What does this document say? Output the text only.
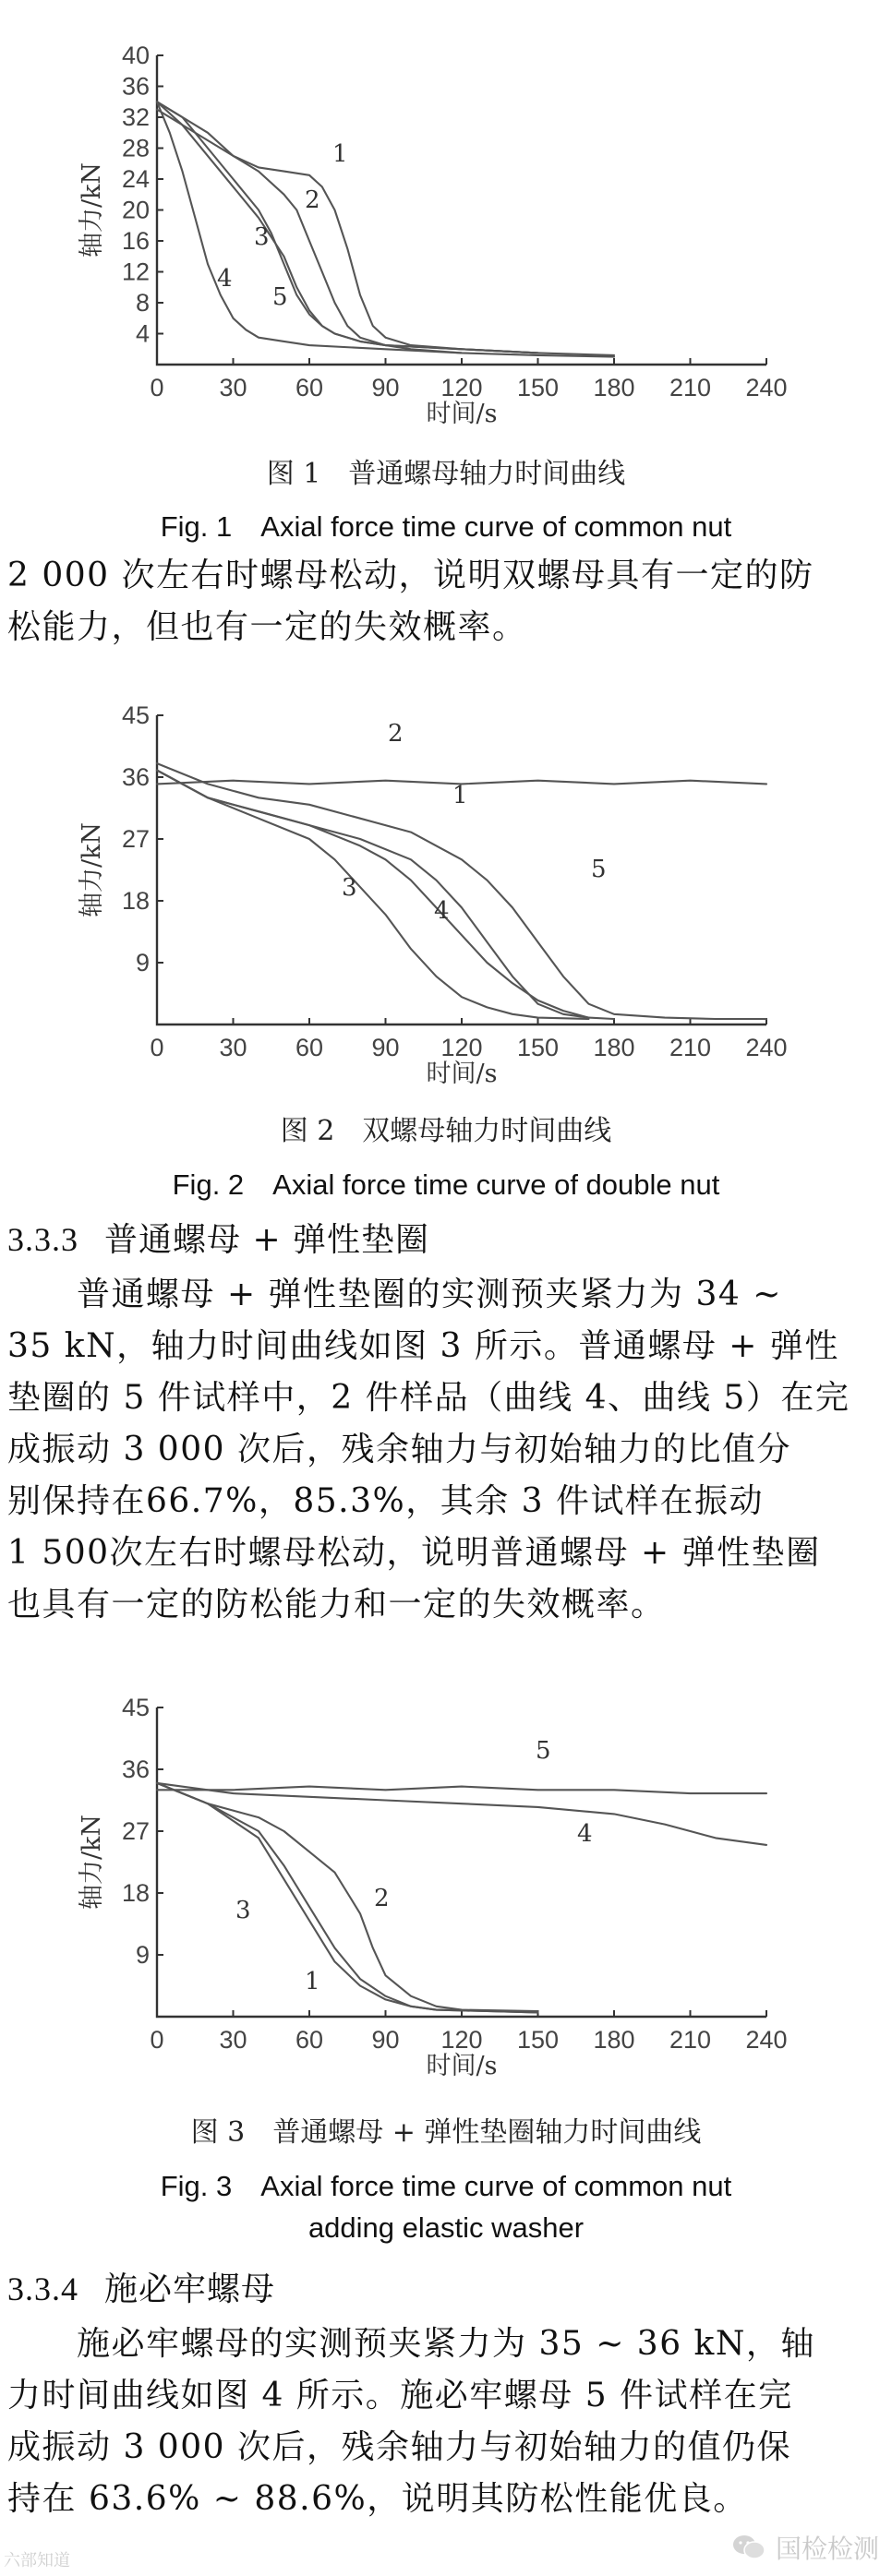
0 30 60 90 120 150 180 210 240
4
8
12
16
20
24
28
32
36
40
时间/s
轴力/kN
1
2
3
4
5
图 1　普通螺母轴力时间曲线
Fig. 1　Axial force time curve of common nut
2 000 次左右时螺母松动，说明双螺母具有一定的防
松能力，但也有一定的失效概率。
0 30 60 90 120 150 180 210 240
9
18
27
36
45
时间/s
轴力/kN
1
2
3
4
5
图 2　双螺母轴力时间曲线
Fig. 2　Axial force time curve of double nut
3.3.3 普通螺母 + 弹性垫圈
　　普通螺母 + 弹性垫圈的实测预夹紧力为 34 ~
35 kN，轴力时间曲线如图 3 所示。普通螺母 + 弹性
垫圈的 5 件试样中，2 件样品（曲线 4、曲线 5）在完
成振动 3 000 次后，残余轴力与初始轴力的比值分
别保持在66.7%，85.3%，其余 3 件试样在振动
1 500次左右时螺母松动，说明普通螺母 + 弹性垫圈
也具有一定的防松能力和一定的失效概率。
0 30 60 90 120 150 180 210 240
9
18
27
36
45
时间/s
轴力/kN
1
2
3
4
5
图 3　普通螺母 + 弹性垫圈轴力时间曲线
Fig. 3　Axial force time curve of common nut
adding elastic washer
3.3.4 施必牢螺母
　　施必牢螺母的实测预夹紧力为 35 ~ 36 kN，轴
力时间曲线如图 4 所示。施必牢螺母 5 件试样在完
成振动 3 000 次后，残余轴力与初始轴力的值仍保
持在 63.6% ~ 88.6%，说明其防松性能优良。
六部知道	国检检测
